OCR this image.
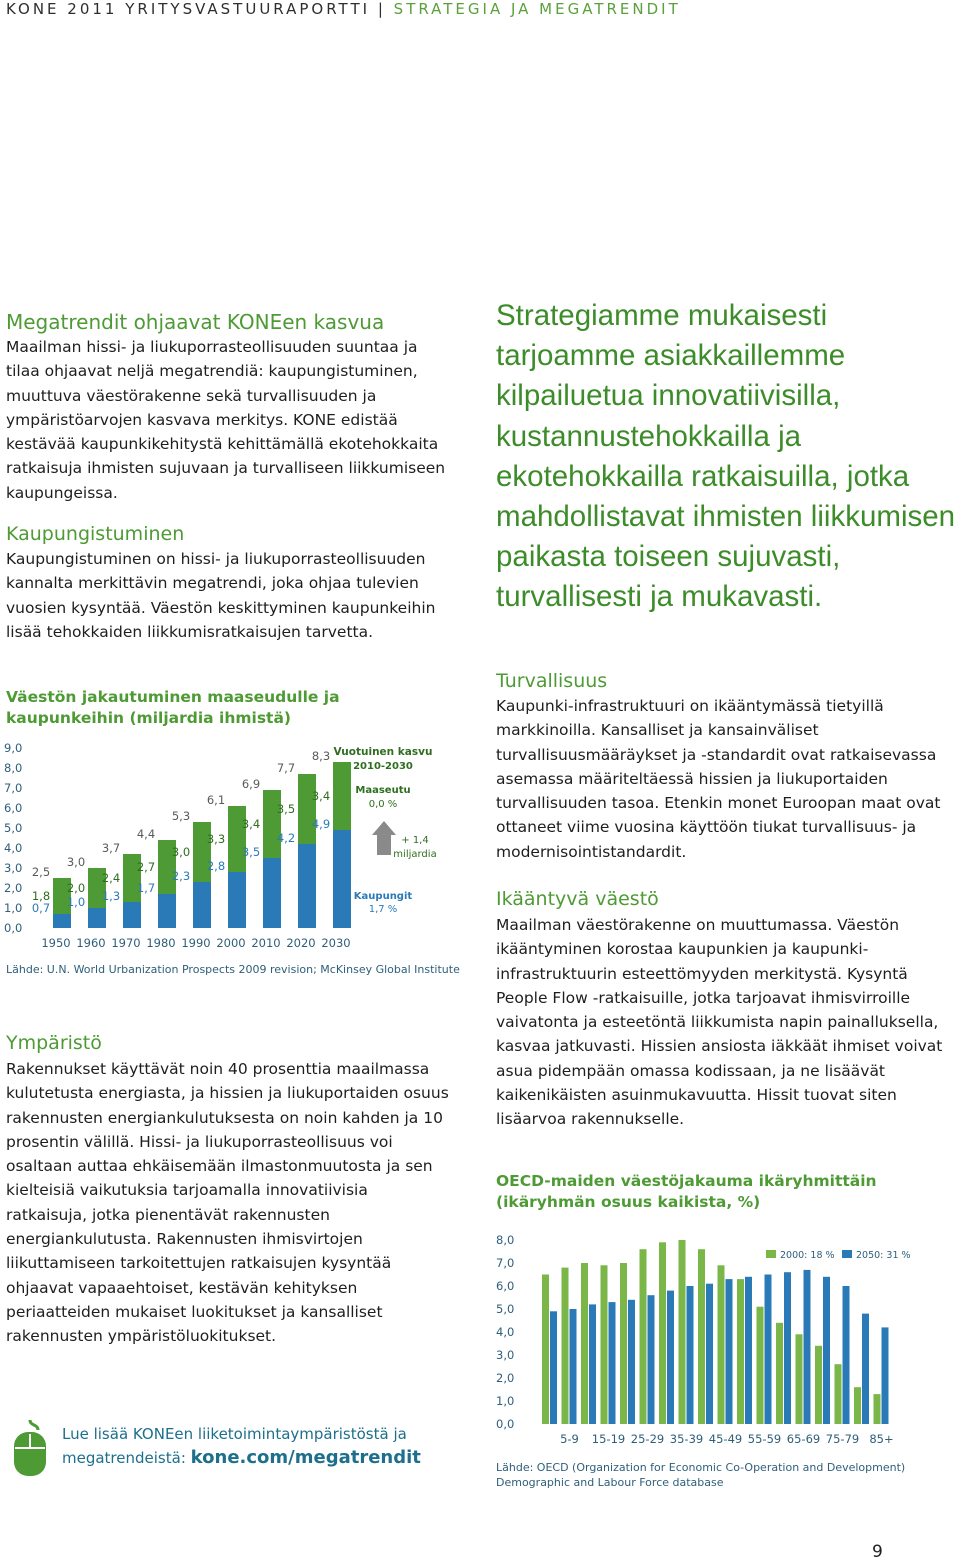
KONE 2011 YRITYSVASTUURAPORTTI | STRATEGIA JA MEGATRENDIT
Megatrendit ohjaavat KONEen kasvua

Maailman hissi- ja liukuporrasteollisuuden suuntaa ja tilaa ohjaavat neljä megatrendiä: kaupungistuminen, muuttuva väestörakenne sekä turvallisuuden ja ympäristöarvojen kasvava merkitys. KONE edistää kestävää kaupunkikehitystä kehittämällä ekotehokkaita ratkaisuja ihmisten sujuvaan ja turvalliseen liikkumiseen kaupungeissa.

Kaupungistuminen

Kaupungistuminen on hissi- ja liukuporrasteollisuuden kannalta merkittävin megatrendi, joka ohjaa tulevien vuosien kysyntää. Väestön keskittyminen kaupunkeihin lisää tehokkaiden liikkumisratkaisujen tarvetta.

Väestön jakautuminen maaseudulle ja kaupunkeihin (miljardia ihmistä)
9,0
8,0
7,0
6,0
5,0
4,0
3,0
2,0
1,0
0,0
0,7
1,8
2,5
1,0
2,0
3,0
1,3
2,4
3,7
1,7
2,7
4,4
2,3
3,0
5,3
2,8
3,3
6,1
3,5
3,4
6,9
4,2
3,5
7,7
4,9
3,4
8,3
1950 1960 1970 1980 1990 2000 2010 2020 2030
Vuotuinen kasvu
2010-2030
Maaseutu
0,0 %
+ 1,4
miljardia
Kaupungit
1,7 %
Lähde: U.N. World Urbanization Prospects 2009 revision; McKinsey Global Institute
Ympäristö

Rakennukset käyttävät noin 40 prosenttia maailmassa kulutetusta energiasta, ja hissien ja liukuportaiden osuus rakennusten energiankulutuksesta on noin kahden ja 10 prosentin välillä. Hissi- ja liukuporrasteollisuus voi osaltaan auttaa ehkäisemään ilmastonmuutosta ja sen kielteisiä vaikutuksia tarjoamalla innovatiivisia ratkaisuja, jotka pienentävät rakennusten energiankulutusta. Rakennusten ihmisvirtojen liikuttamiseen tarkoitettujen ratkaisujen kysyntää ohjaavat vapaaehtoiset, kestävän kehityksen periaatteiden mukaiset luokitukset ja kansalliset rakennusten ympäristöluokitukset.

Lue lisää KONEen liiketoimintaympäristöstä ja megatrendeistä: kone.com/megatrendit
Strategiamme mukaisesti tarjoamme asiakkaillemme kilpailuetua innovatiivisilla, kustannustehokkailla ja ekotehokkailla ratkaisuilla, jotka mahdollistavat ihmisten liikkumisen paikasta toiseen sujuvasti, turvallisesti ja mukavasti.
Turvallisuus

Kaupunki-infrastruktuuri on ikääntymässä tietyillä markkinoilla. Kansalliset ja kansainväliset turvallisuusmääräykset ja -standardit ovat ratkaisevassa asemassa määriteltäessä hissien ja liukuportaiden turvallisuuden tasoa. Etenkin monet Euroopan maat ovat ottaneet viime vuosina käyttöön tiukat turvallisuus- ja modernisointistandardit.

Ikääntyvä väestö

Maailman väestörakenne on muuttumassa. Väestön ikääntyminen korostaa kaupunkien ja kaupunki-infrastruktuurin esteettömyyden merkitystä. Kysyntä People Flow -ratkaisuille, jotka tarjoavat ihmisvirroille vaivatonta ja esteetöntä liikkumista napin painalluksella, kasvaa jatkuvasti. Hissien ansiosta iäkkäät ihmiset voivat asua pidempään omassa kodissaan, ja ne lisäävät kaikenikäisten asuinmukavuutta. Hissit tuovat siten lisäarvoa rakennukselle.

OECD-maiden väestöjakauma ikäryhmittäin (ikäryhmän osuus kaikista, %)
8,0
7,0
6,0
5,0
4,0
3,0
2,0
1,0
0,0
5-9 15-19 25-29 35-39 45-49 55-59 65-69 75-79 85+
2000: 18 % 2050: 31 %
Lähde: OECD (Organization for Economic Co-Operation and Development) Demographic and Labour Force database
9
